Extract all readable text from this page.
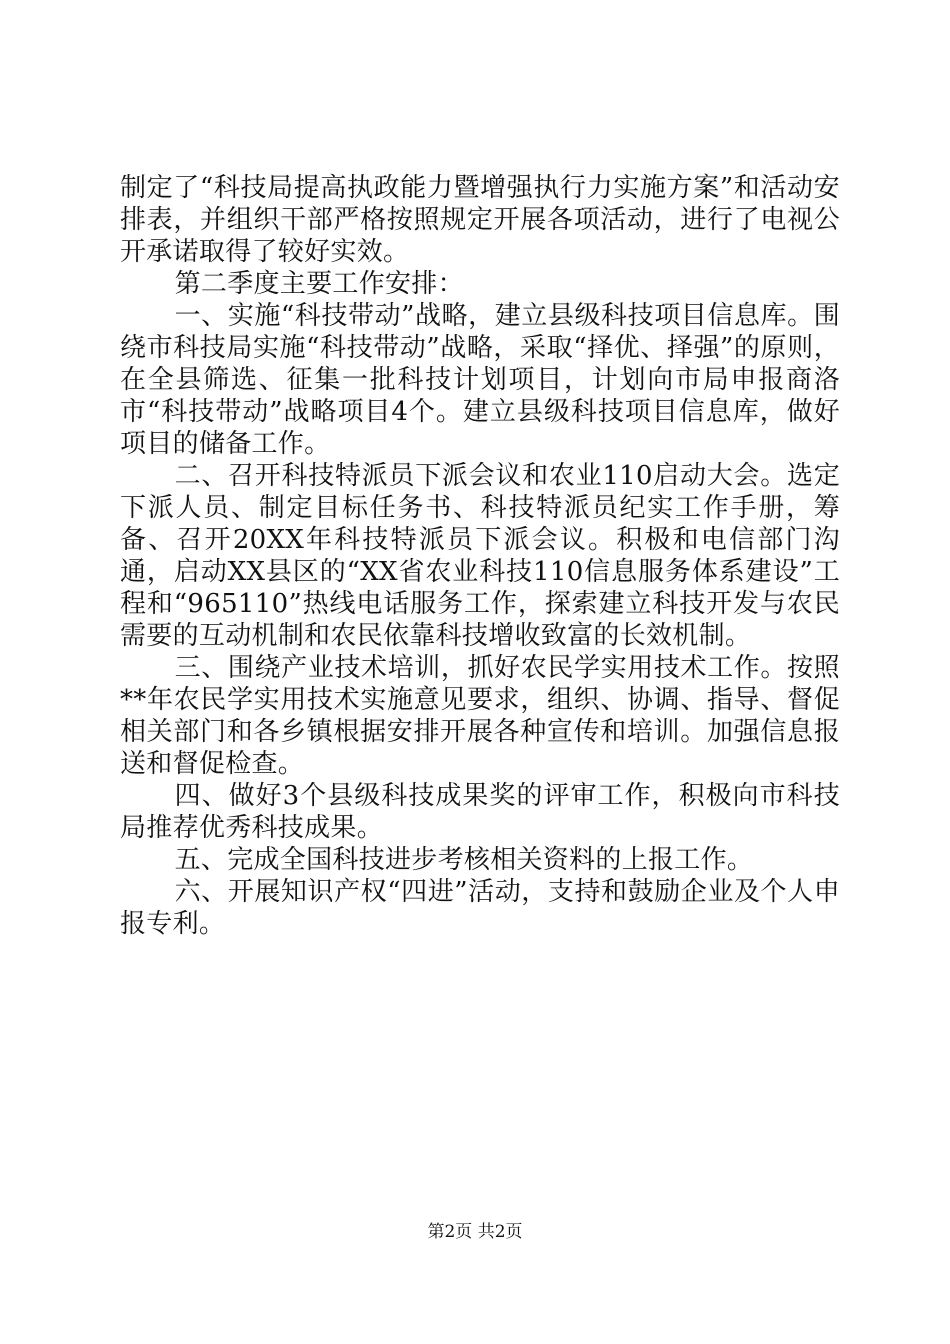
制定了“科技局提高执政能力暨增强执行力实施方案”和活动安排表，并组织干部严格按照规定开展各项活动，进行了电视公开承诺取得了较好实效。

第二季度主要工作安排：

一、实施“科技带动”战略，建立县级科技项目信息库。围绕市科技局实施“科技带动”战略，采取“择优、择强”的原则，在全县筛选、征集一批科技计划项目，计划向市局申报商洛市“科技带动”战略项目4个。建立县级科技项目信息库，做好项目的储备工作。

二、召开科技特派员下派会议和农业110启动大会。选定下派人员、制定目标任务书、科技特派员纪实工作手册，筹备、召开20XX年科技特派员下派会议。积极和电信部门沟通，启动XX县区的“XX省农业科技110信息服务体系建设”工程和“965110”热线电话服务工作，探索建立科技开发与农民需要的互动机制和农民依靠科技增收致富的长效机制。

三、围绕产业技术培训，抓好农民学实用技术工作。按照**年农民学实用技术实施意见要求，组织、协调、指导、督促相关部门和各乡镇根据安排开展各种宣传和培训。加强信息报送和督促检查。

四、做好3个县级科技成果奖的评审工作，积极向市科技局推荐优秀科技成果。

五、完成全国科技进步考核相关资料的上报工作。

六、开展知识产权“四进”活动，支持和鼓励企业及个人申报专利。

第2页 共2页
